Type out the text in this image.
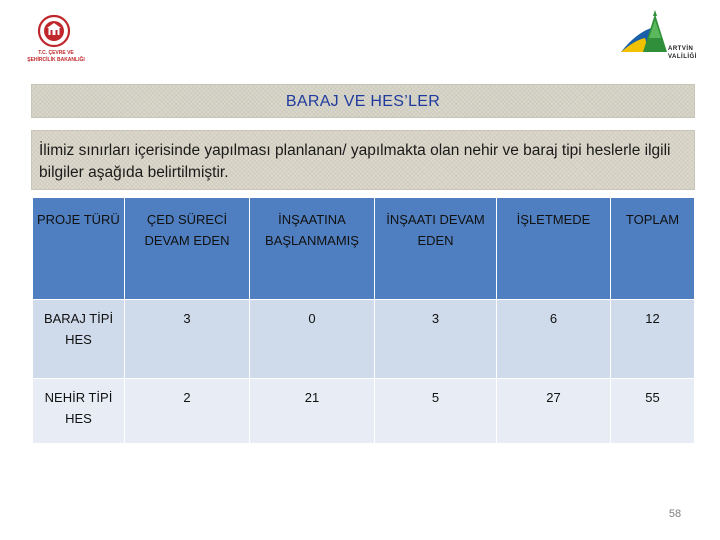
T.C. ÇEVRE VE
ŞEHİRCİLİK BAKANLIĞI
ARTVİN
VALİLİĞİ
BARAJ VE HES’LER
İlimiz sınırları içerisinde yapılması planlanan/ yapılmakta olan nehir ve baraj tipi heslerle ilgili bilgiler aşağıda belirtilmiştir.
PROJE TÜRÜ	ÇED SÜRECİ DEVAM EDEN	İNŞAATINA BAŞLANMAMIŞ	İNŞAATI DEVAM EDEN	İŞLETMEDE	TOPLAM
BARAJ TİPİ HES	3	0	3	6	12
NEHİR TİPİ HES	2	21	5	27	55
58
